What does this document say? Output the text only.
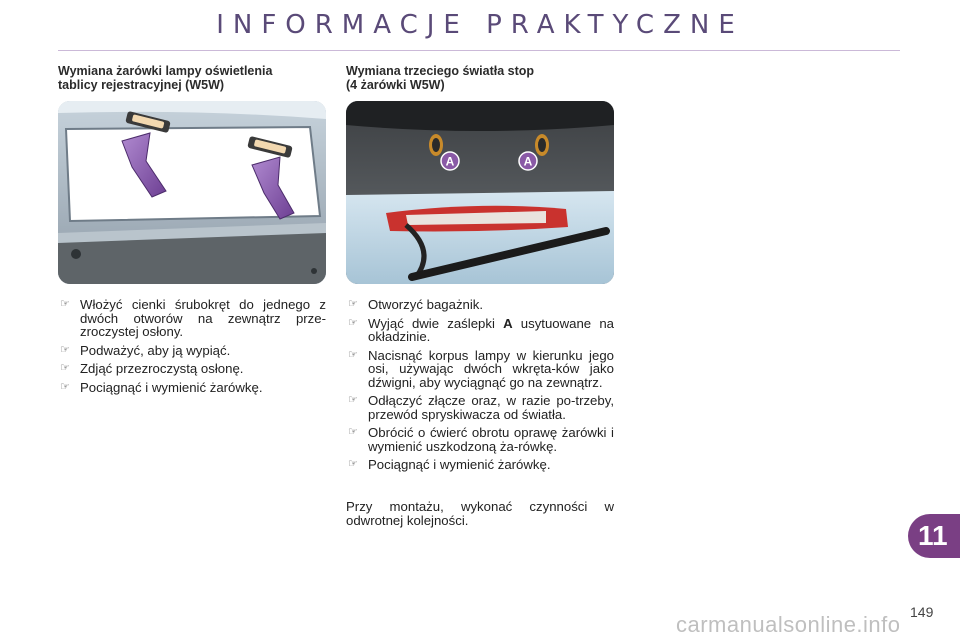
INFORMACJE PRAKTYCZNE
Wymiana żarówki lampy oświetlenia
tablicy rejestracyjnej (W5W)
☞ Włożyć cienki śrubokręt do jednego z dwóch otworów na zewnątrz prze-zroczystej osłony.
☞ Podważyć, aby ją wypiąć.
☞ Zdjąć przezroczystą osłonę.
☞ Pociągnąć i wymienić żarówkę.
Wymiana trzeciego światła stop
(4 żarówki W5W)
A	A
☞ Otworzyć bagażnik.
☞ Wyjąć dwie zaślepki A usytuowane na okładzinie.
☞ Nacisnąć korpus lampy w kierunku jego osi, używając dwóch wkręta-ków jako dźwigni, aby wyciągnąć go na zewnątrz.
☞ Odłączyć złącze oraz, w razie po-trzeby, przewód spryskiwacza od światła.
☞ Obrócić o ćwierć obrotu oprawę żarówki i wymienić uszkodzoną ża-rówkę.
☞ Pociągnąć i wymienić żarówkę.
Przy montażu, wykonać czynności w odwrotnej kolejności.	11
149
carmanualsonline.info
